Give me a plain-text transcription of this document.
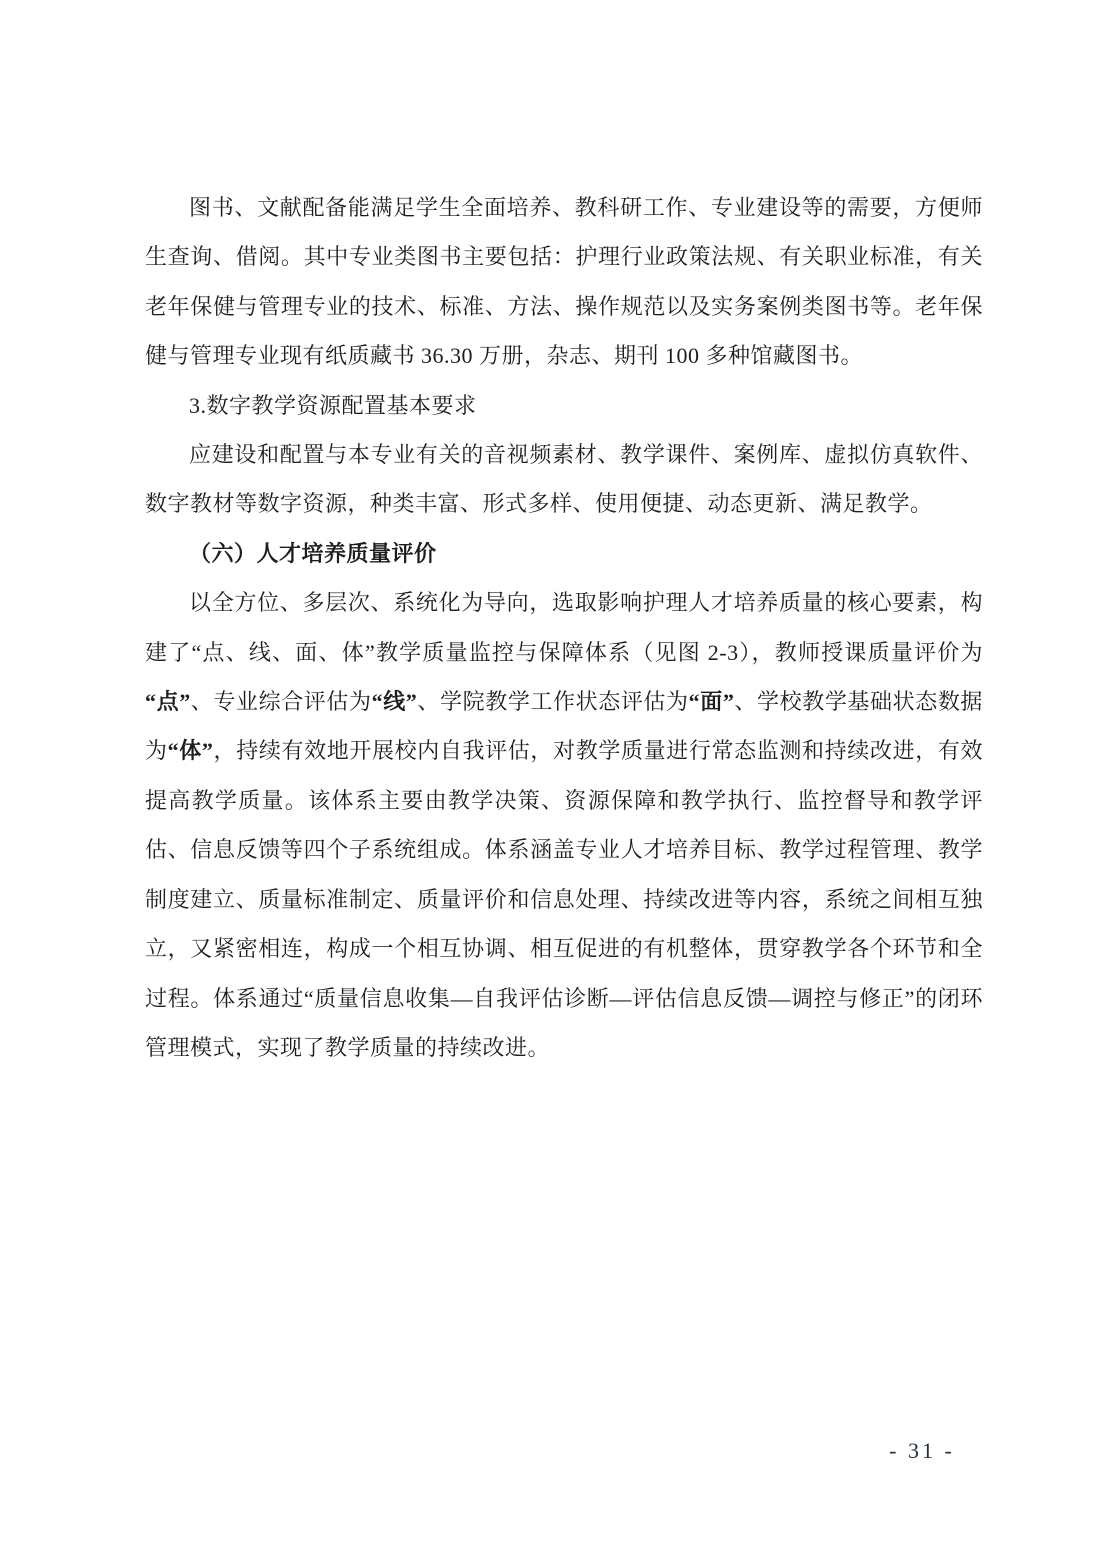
图书、文献配备能满足学生全面培养、教科研工作、专业建设等的需要，方便师生查询、借阅。其中专业类图书主要包括：护理行业政策法规、有关职业标准，有关老年保健与管理专业的技术、标准、方法、操作规范以及实务案例类图书等。老年保健与管理专业现有纸质藏书 36.30 万册，杂志、期刊 100 多种馆藏图书。

3.数字教学资源配置基本要求

应建设和配置与本专业有关的音视频素材、教学课件、案例库、虚拟仿真软件、数字教材等数字资源，种类丰富、形式多样、使用便捷、动态更新、满足教学。

（六）人才培养质量评价

以全方位、多层次、系统化为导向，选取影响护理人才培养质量的核心要素，构建了“点、线、面、体”教学质量监控与保障体系（见图 2-3），教师授课质量评价为“点”、专业综合评估为“线”、学院教学工作状态评估为“面”、学校教学基础状态数据为“体”，持续有效地开展校内自我评估，对教学质量进行常态监测和持续改进，有效提高教学质量。该体系主要由教学决策、资源保障和教学执行、监控督导和教学评估、信息反馈等四个子系统组成。体系涵盖专业人才培养目标、教学过程管理、教学制度建立、质量标准制定、质量评价和信息处理、持续改进等内容，系统之间相互独立，又紧密相连，构成一个相互协调、相互促进的有机整体，贯穿教学各个环节和全过程。体系通过“质量信息收集—自我评估诊断—评估信息反馈—调控与修正”的闭环管理模式，实现了教学质量的持续改进。

- 31 -
